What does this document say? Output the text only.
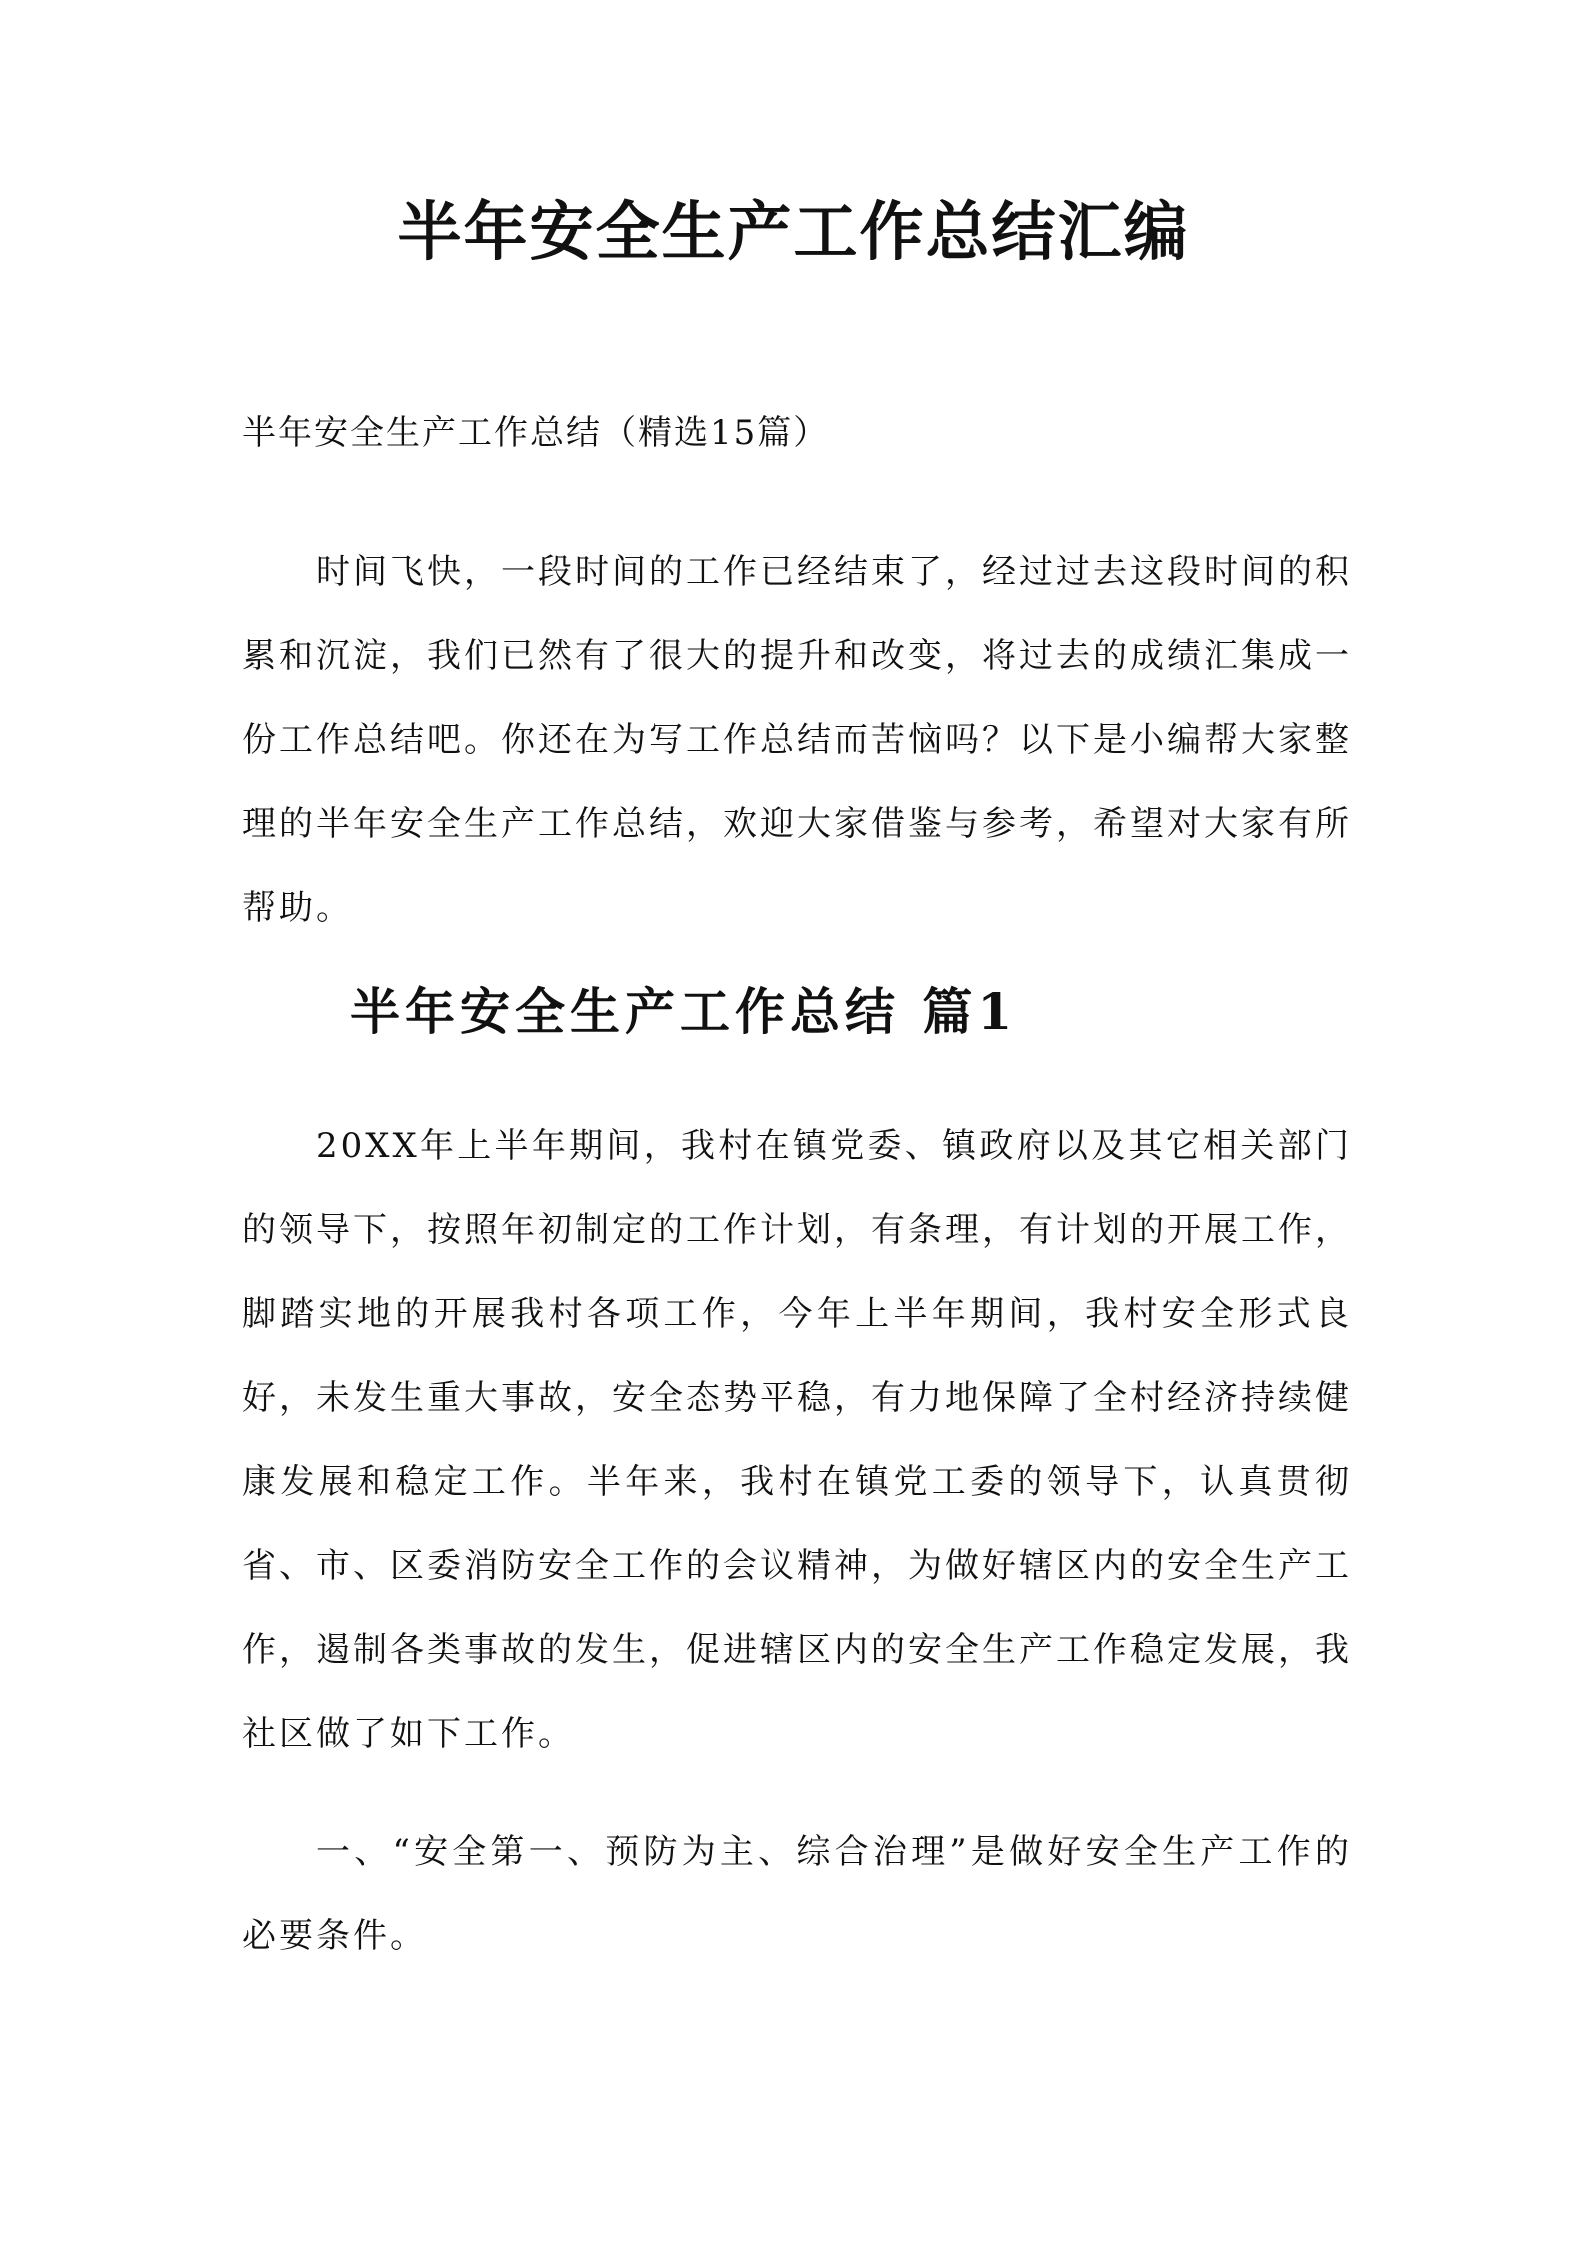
半年安全生产工作总结汇编
半年安全生产工作总结（精选15篇）

时间飞快，一段时间的工作已经结束了，经过过去这段时间的积累和沉淀，我们已然有了很大的提升和改变，将过去的成绩汇集成一份工作总结吧。你还在为写工作总结而苦恼吗？以下是小编帮大家整理的半年安全生产工作总结，欢迎大家借鉴与参考，希望对大家有所帮助。

半年安全生产工作总结 篇1

20XX年上半年期间，我村在镇党委、镇政府以及其它相关部门的领导下，按照年初制定的工作计划，有条理，有计划的开展工作，脚踏实地的开展我村各项工作，今年上半年期间，我村安全形式良好，未发生重大事故，安全态势平稳，有力地保障了全村经济持续健康发展和稳定工作。半年来，我村在镇党工委的领导下，认真贯彻省、市、区委消防安全工作的会议精神，为做好辖区内的安全生产工作，遏制各类事故的发生，促进辖区内的安全生产工作稳定发展，我社区做了如下工作。

一、“安全第一、预防为主、综合治理”是做好安全生产工作的必要条件。
